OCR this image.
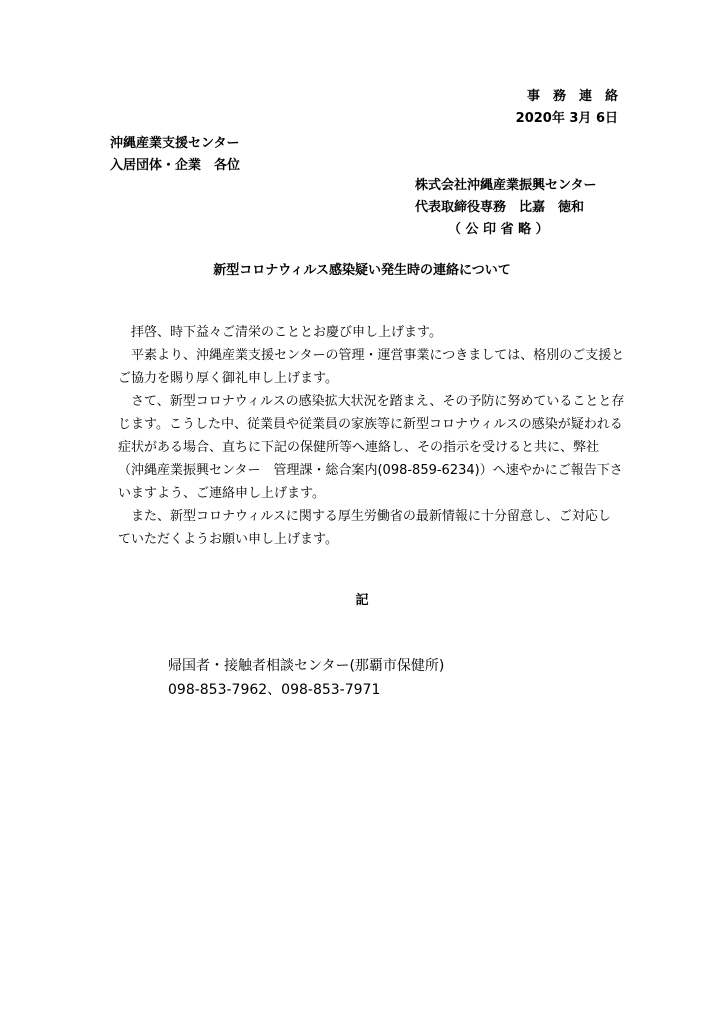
事　務　連　絡
2020年 3月 6日
沖縄産業支援センター
入居団体・企業　各位
株式会社沖縄産業振興センター
代表取締役専務　比嘉　徳和
（ 公 印 省 略 ）
新型コロナウィルス感染疑い発生時の連絡について
　拝啓、時下益々ご清栄のこととお慶び申し上げます。
　平素より、沖縄産業支援センターの管理・運営事業につきましては、格別のご支援と
ご協力を賜り厚く御礼申し上げます。
　さて、新型コロナウィルスの感染拡大状況を踏まえ、その予防に努めていることと存
じます。こうした中、従業員や従業員の家族等に新型コロナウィルスの感染が疑われる
症状がある場合、直ちに下記の保健所等へ連絡し、その指示を受けると共に、弊社
（沖縄産業振興センター　管理課・総合案内(098-859-6234)）へ速やかにご報告下さ
いますよう、ご連絡申し上げます。
　また、新型コロナウィルスに関する厚生労働省の最新情報に十分留意し、ご対応し
ていただくようお願い申し上げます。
記
帰国者・接触者相談センター(那覇市保健所)
098-853-7962、098-853-7971
